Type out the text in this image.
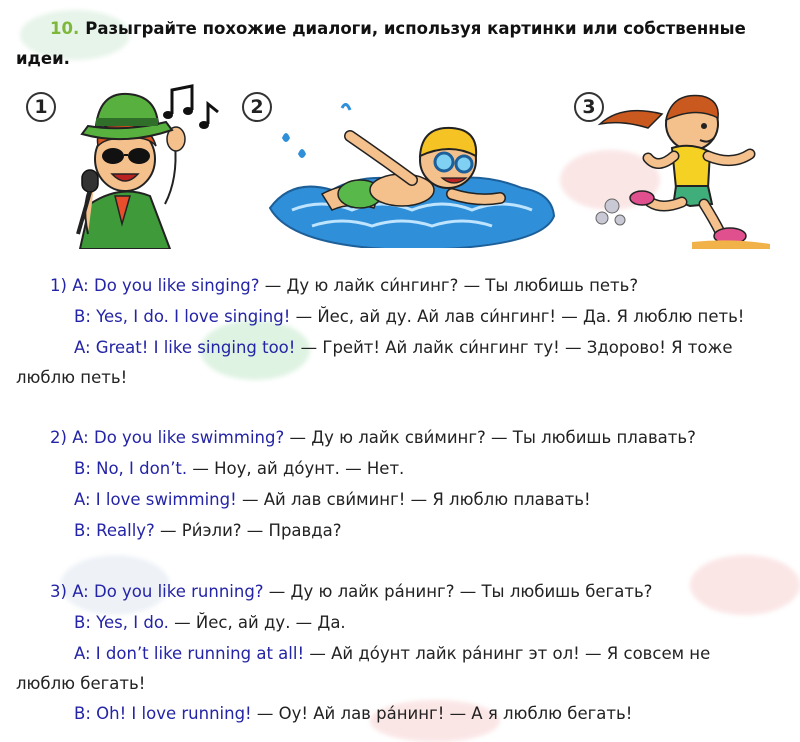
10. Разыграйте похожие диалоги, используя картинки или собственные
идеи.
1	2	3
1) A: Do you like singing? — Ду ю лайк си́нгинг? — Ты любишь петь?
B: Yes, I do. I love singing! — Йес, ай ду. Ай лав си́нгинг! — Да. Я люблю петь!
A: Great! I like singing too! — Грейт! Ай лайк си́нгинг ту! — Здорово! Я тоже
люблю петь!
2) A: Do you like swimming? — Ду ю лайк сви́минг? — Ты любишь плавать?
B: No, I don’t. — Ноу, ай до́унт. — Нет.
A: I love swimming! — Ай лав сви́минг! — Я люблю плавать!
B: Really? — Ри́эли? — Правда?
3) A: Do you like running? — Ду ю лайк ра́нинг? — Ты любишь бегать?
B: Yes, I do. — Йес, ай ду. — Да.
A: I don’t like running at all! — Ай до́унт лайк ра́нинг эт ол! — Я совсем не
люблю бегать!
B: Oh! I love running! — Оу! Ай лав ра́нинг! — А я люблю бегать!
